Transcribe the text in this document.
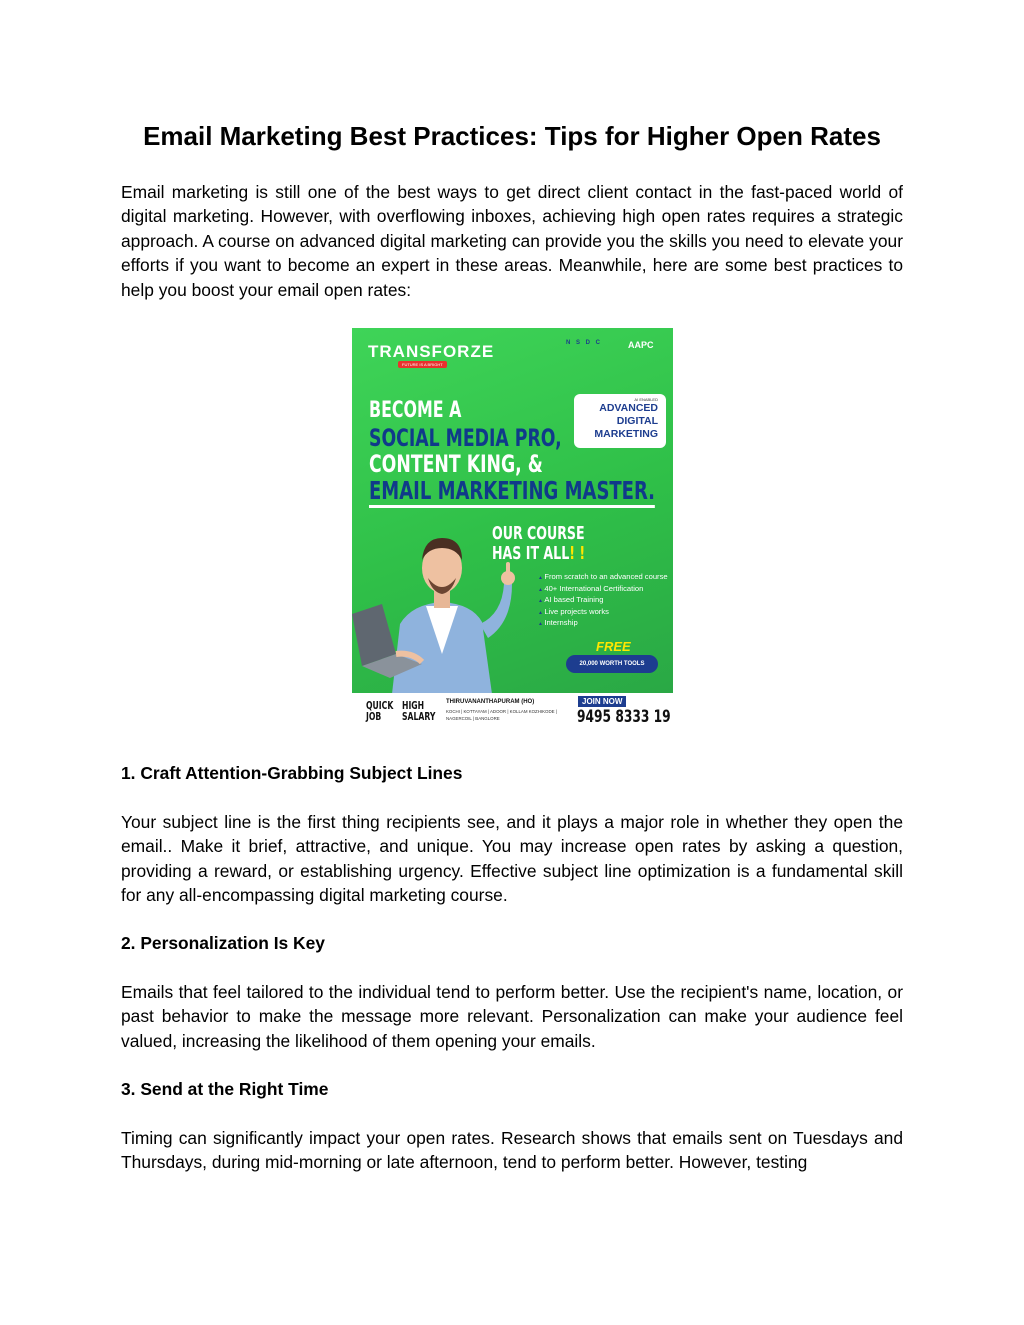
Email Marketing Best Practices: Tips for Higher Open Rates

Email marketing is still one of the best ways to get direct client contact in the fast-paced world of digital marketing. However, with overflowing inboxes, achieving high open rates requires a strategic approach. A course on advanced digital marketing can provide you the skills you need to elevate your efforts if you want to become an expert in these areas. Meanwhile, here are some best practices to help you boost your email open rates:

TRANSFORZE
FUTURE IS A BRIGHT
N S D C	AAPC
AI ENABLED
ADVANCED
DIGITAL
MARKETING
BECOME A
SOCIAL MEDIA PRO,
CONTENT KING, &
EMAIL MARKETING MASTER.
OUR COURSE
HAS IT ALL! !
▲ From scratch to an advanced course
▲ 40+ International Certification
▲ AI based Training
▲ Live projects works
▲ Internship
FREE
20,000 WORTH TOOLS
QUICK JOB
HIGH SALARY
THIRUVANANTHAPURAM (HO)
KOCHI | KOTTAYAM | ADOOR | KOLLAM KOZHIKODE | NAGERCOIL | BANGLORE
JOIN NOW
9495 8333 19

1. Craft Attention-Grabbing Subject Lines

Your subject line is the first thing recipients see, and it plays a major role in whether they open the email.. Make it brief, attractive, and unique. You may increase open rates by asking a question, providing a reward, or establishing urgency. Effective subject line optimization is a fundamental skill for any all-encompassing digital marketing course.

2. Personalization Is Key

Emails that feel tailored to the individual tend to perform better. Use the recipient's name, location, or past behavior to make the message more relevant. Personalization can make your audience feel valued, increasing the likelihood of them opening your emails.

3. Send at the Right Time

Timing can significantly impact your open rates. Research shows that emails sent on Tuesdays and Thursdays, during mid-morning or late afternoon, tend to perform better. However, testing
